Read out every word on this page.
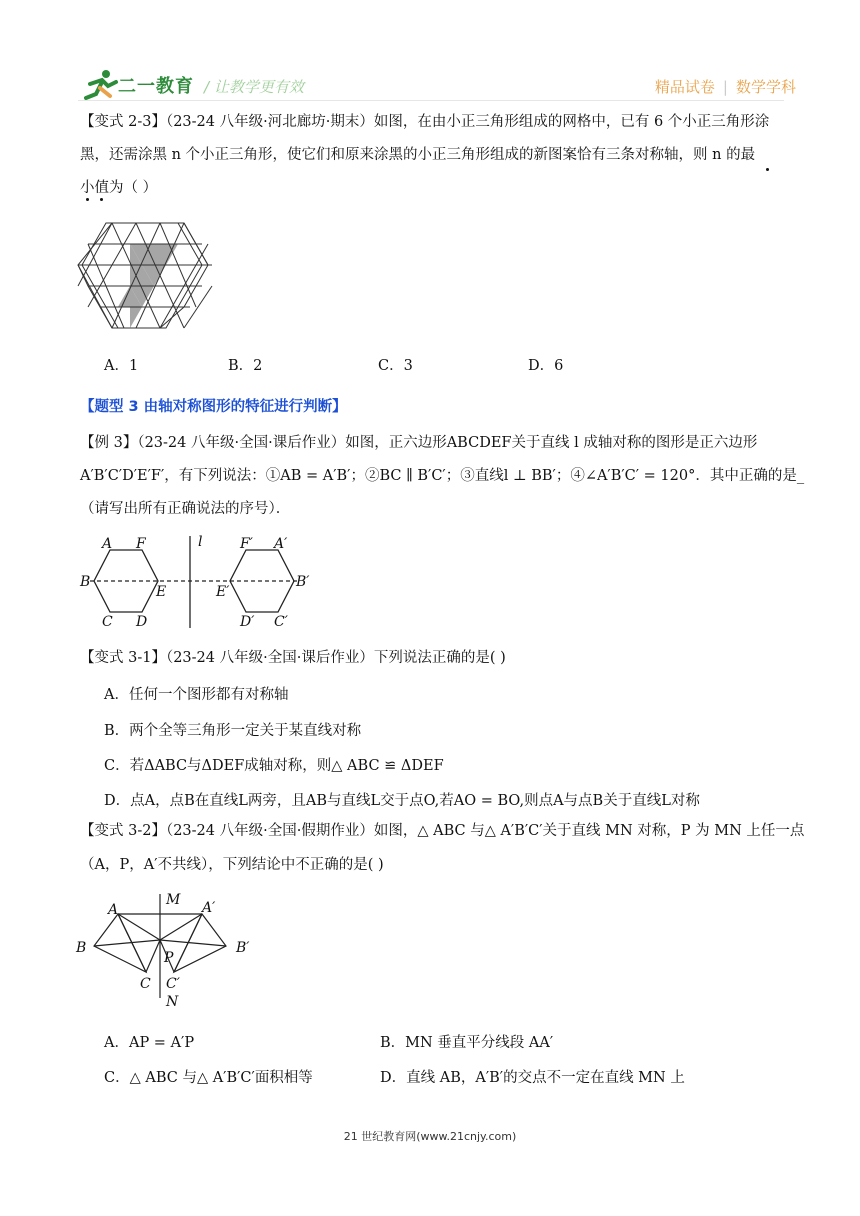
二一教育 / 让教学更有效	精品试卷 | 数学学科
【变式 2-3】（23-24 八年级·河北廊坊·期末）如图，在由小正三角形组成的网格中，已有 6 个小正三角形涂
黑，还需涂黑 n 个小正三角形，使它们和原来涂黑的小正三角形组成的新图案恰有三条对称轴，则 n 的最
小值为（ ）
A．1	B．2	C．3	D．6
【题型 3 由轴对称图形的特征进行判断】
【例 3】（23-24 八年级·全国·课后作业）如图，正六边形ABCDEF关于直线 l 成轴对称的图形是正六边形
A′B′C′D′E′F′，有下列说法：①AB = A′B′；②BC ∥ B′C′；③直线l ⊥ BB′；④∠A′B′C′ = 120°．其中正确的是_
（请写出所有正确说法的序号）．
A F	l	F′ A′
B
E	E′
B′
C D	D′ C′
【变式 3-1】（23-24 八年级·全国·课后作业）下列说法正确的是( )
A．任何一个图形都有对称轴
B．两个全等三角形一定关于某直线对称
C．若ΔABC与ΔDEF成轴对称，则△ ABC ≌ ΔDEF
D．点A，点B在直线L两旁，且AB与直线L交于点O,若AO = BO,则点A与点B关于直线L对称
【变式 3-2】（23-24 八年级·全国·假期作业）如图，△ ABC 与△ A′B′C′关于直线 MN 对称，P 为 MN 上任一点
（A，P，A′不共线），下列结论中不正确的是( )
M
A	A′
B
P
B′
C C′
N
A．AP = A′P	B．MN 垂直平分线段 AA′
C．△ ABC 与△ A′B′C′面积相等	D．直线 AB，A′B′的交点不一定在直线 MN 上
21 世纪教育网(www.21cnjy.com)
